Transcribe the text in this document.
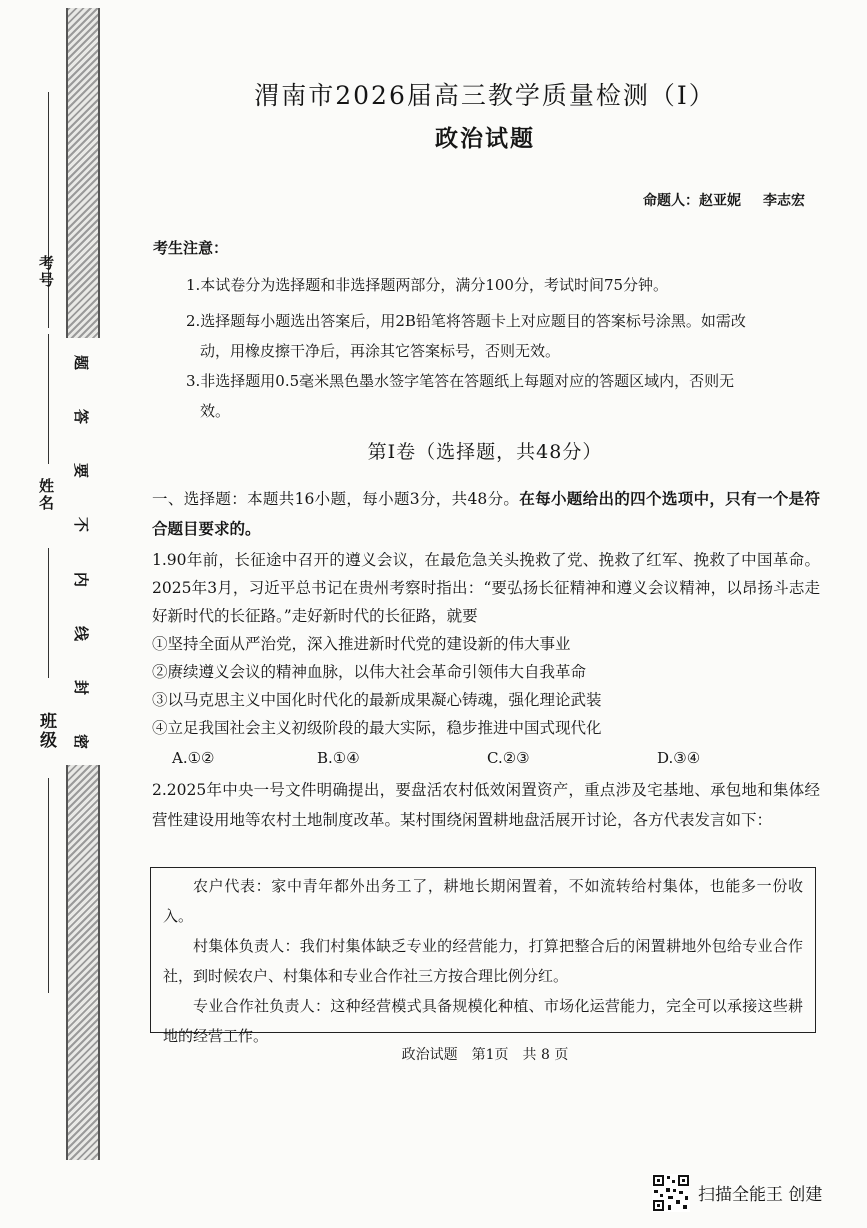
考号
姓名
班级
题
答
要
不
内
线
封
密
渭南市2026届高三教学质量检测（Ⅰ）
政治试题
命题人：赵亚妮 李志宏
考生注意：
1.本试卷分为选择题和非选择题两部分，满分100分，考试时间75分钟。
2.选择题每小题选出答案后，用2B铅笔将答题卡上对应题目的答案标号涂黑。如需改
动，用橡皮擦干净后，再涂其它答案标号，否则无效。
3.非选择题用0.5毫米黑色墨水签字笔答在答题纸上每题对应的答题区域内，否则无
效。
第Ⅰ卷（选择题，共48分）
一、选择题：本题共16小题，每小题3分，共48分。在每小题给出的四个选项中，只有一个是符合题目要求的。
1.90年前，长征途中召开的遵义会议，在最危急关头挽救了党、挽救了红军、挽救了中国革命。2025年3月，习近平总书记在贵州考察时指出：“要弘扬长征精神和遵义会议精神，以昂扬斗志走好新时代的长征路。”走好新时代的长征路，就要
①坚持全面从严治党，深入推进新时代党的建设新的伟大事业
②赓续遵义会议的精神血脉，以伟大社会革命引领伟大自我革命
③以马克思主义中国化时代化的最新成果凝心铸魂，强化理论武装
④立足我国社会主义初级阶段的最大实际，稳步推进中国式现代化
A.①②	B.①④	C.②③	D.③④
2.2025年中央一号文件明确提出，要盘活农村低效闲置资产，重点涉及宅基地、承包地和集体经营性建设用地等农村土地制度改革。某村围绕闲置耕地盘活展开讨论，各方代表发言如下：

农户代表：家中青年都外出务工了，耕地长期闲置着，不如流转给村集体，也能多一份收入。

村集体负责人：我们村集体缺乏专业的经营能力，打算把整合后的闲置耕地外包给专业合作社，到时候农户、村集体和专业合作社三方按合理比例分红。

专业合作社负责人：这种经营模式具备规模化种植、市场化运营能力，完全可以承接这些耕地的经营工作。

政治试题　第1页　共 8 页
扫描全能王 创建
